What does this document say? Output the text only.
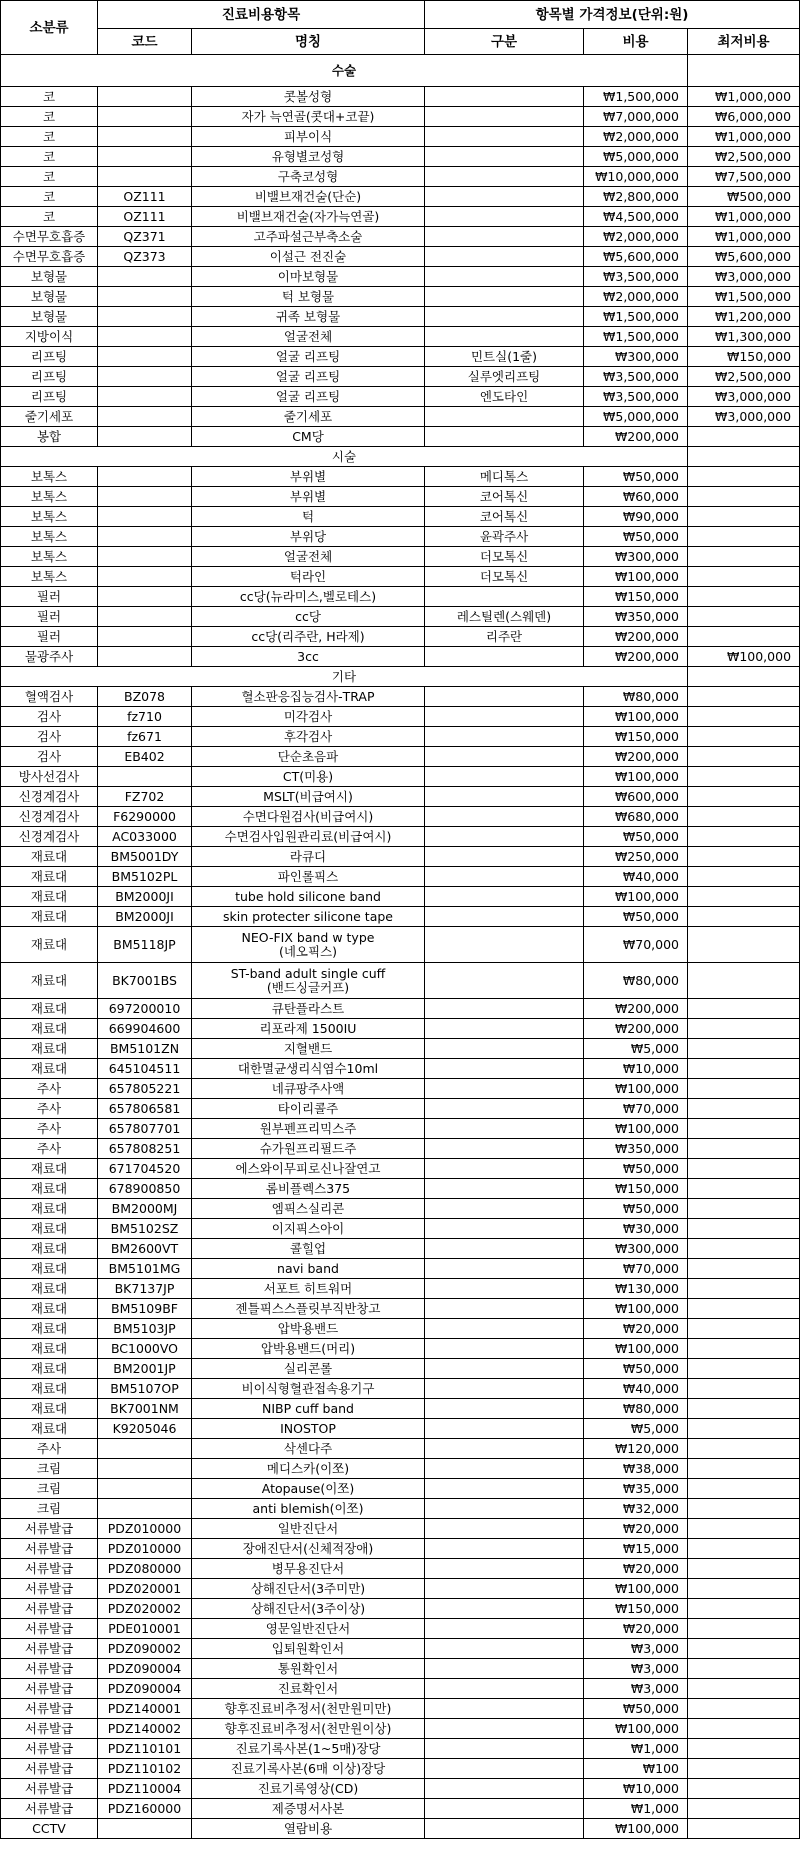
소분류	진료비용항목		항목별 가격정보(단위:원)		
	코드	명칭	구분	비용	최저비용
수술					
코		콧볼성형		₩1,500,000	₩1,000,000
코		자가 늑연골(콧대+코끝)		₩7,000,000	₩6,000,000
코		피부이식		₩2,000,000	₩1,000,000
코		유형별코성형		₩5,000,000	₩2,500,000
코		구축코성형		₩10,000,000	₩7,500,000
코	OZ111	비밸브재건술(단순)		₩2,800,000	₩500,000
코	OZ111	비밸브재건술(자가늑연골)		₩4,500,000	₩1,000,000
수면무호흡증	QZ371	고주파설근부축소술		₩2,000,000	₩1,000,000
수면무호흡증	QZ373	이설근 전진술		₩5,600,000	₩5,600,000
보형물		이마보형물		₩3,500,000	₩3,000,000
보형물		턱 보형물		₩2,000,000	₩1,500,000
보형물		귀족 보형물		₩1,500,000	₩1,200,000
지방이식		얼굴전체		₩1,500,000	₩1,300,000
리프팅		얼굴 리프팅	민트실(1줄)	₩300,000	₩150,000
리프팅		얼굴 리프팅	실루엣리프팅	₩3,500,000	₩2,500,000
리프팅		얼굴 리프팅	엔도타인	₩3,500,000	₩3,000,000
줄기세포		줄기세포		₩5,000,000	₩3,000,000
봉합		CM당		₩200,000	
시술					
보톡스		부위별	메디톡스	₩50,000	
보톡스		부위별	코어톡신	₩60,000	
보톡스		턱	코어톡신	₩90,000	
보톡스		부위당	윤곽주사	₩50,000	
보톡스		얼굴전체	더모톡신	₩300,000	
보톡스		턱라인	더모톡신	₩100,000	
필러		cc당(뉴라미스,벨로테스)		₩150,000	
필러		cc당	레스틸렌(스웨덴)	₩350,000	
필러		cc당(리주란, H라제)	리주란	₩200,000	
물광주사		3cc		₩200,000	₩100,000
기타					
혈액검사	BZ078	혈소판응집능검사-TRAP		₩80,000	
검사	fz710	미각검사		₩100,000	
검사	fz671	후각검사		₩150,000	
검사	EB402	단순초음파		₩200,000	
방사선검사		CT(미용)		₩100,000	
신경계검사	FZ702	MSLT(비급여시)		₩600,000	
신경계검사	F6290000	수면다원검사(비급여시)		₩680,000	
신경계검사	AC033000	수면검사입원관리료(비급여시)		₩50,000	
재료대	BM5001DY	라큐디		₩250,000	
재료대	BM5102PL	파인롤픽스		₩40,000	
재료대	BM2000JI	tube hold silicone band		₩100,000	
재료대	BM2000JI	skin protecter silicone tape		₩50,000	
재료대	BM5118JP	NEO-FIX band w type
(네오픽스)		₩70,000	
재료대	BK7001BS	ST-band adult single cuff
(밴드싱글커프)		₩80,000	
재료대	697200010	큐탄플라스트		₩200,000	
재료대	669904600	리포라제 1500IU		₩200,000	
재료대	BM5101ZN	지혈밴드		₩5,000	
재료대	645104511	대한멸균생리식염수10ml		₩10,000	
주사	657805221	네큐팡주사액		₩100,000	
주사	657806581	타이리콜주		₩70,000	
주사	657807701	원부펜프리믹스주		₩100,000	
주사	657808251	슈가원프리필드주		₩350,000	
재료대	671704520	에스와이무피로신나잘연고		₩50,000	
재료대	678900850	롬비플렉스375		₩150,000	
재료대	BM2000MJ	엠픽스실리콘		₩50,000	
재료대	BM5102SZ	이지픽스아이		₩30,000	
재료대	BM2600VT	콜힐업		₩300,000	
재료대	BM5101MG	navi band		₩70,000	
재료대	BK7137JP	서포트 히트워머		₩130,000	
재료대	BM5109BF	젠틀픽스스플릿부직반창고		₩100,000	
재료대	BM5103JP	압박용밴드		₩20,000	
재료대	BC1000VO	압박용밴드(머리)		₩100,000	
재료대	BM2001JP	실리콘롤		₩50,000	
재료대	BM5107OP	비이식형혈관접속용기구		₩40,000	
재료대	BK7001NM	NIBP cuff band		₩80,000	
재료대	K9205046	INOSTOP		₩5,000	
주사		삭센다주		₩120,000	
크림		메디스카(이쪼)		₩38,000	
크림		Atopause(이쪼)		₩35,000	
크림		anti blemish(이쪼)		₩32,000	
서류발급	PDZ010000	일반진단서		₩20,000	
서류발급	PDZ010000	장애진단서(신체적장애)		₩15,000	
서류발급	PDZ080000	병무용진단서		₩20,000	
서류발급	PDZ020001	상해진단서(3주미만)		₩100,000	
서류발급	PDZ020002	상해진단서(3주이상)		₩150,000	
서류발급	PDE010001	영문일반진단서		₩20,000	
서류발급	PDZ090002	입퇴원확인서		₩3,000	
서류발급	PDZ090004	통원확인서		₩3,000	
서류발급	PDZ090004	진료확인서		₩3,000	
서류발급	PDZ140001	향후진료비추정서(천만원미만)		₩50,000	
서류발급	PDZ140002	향후진료비추정서(천만원이상)		₩100,000	
서류발급	PDZ110101	진료기록사본(1~5매)장당		₩1,000	
서류발급	PDZ110102	진료기록사본(6매 이상)장당		₩100	
서류발급	PDZ110004	진료기록영상(CD)		₩10,000	
서류발급	PDZ160000	제증명서사본		₩1,000	
CCTV		열람비용		₩100,000	
